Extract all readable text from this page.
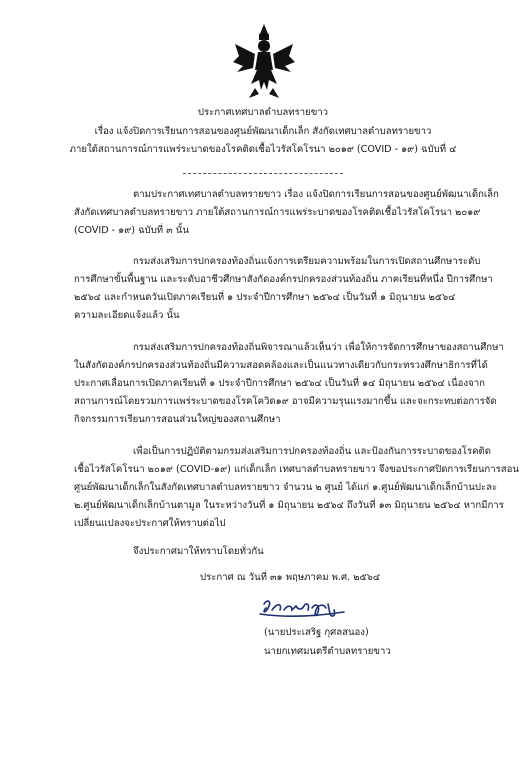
ประกาศเทศบาลตำบลทรายขาว
เรื่อง แจ้งปิดการเรียนการสอนของศูนย์พัฒนาเด็กเล็ก สังกัดเทศบาลตำบลทรายขาว
ภายใต้สถานการณ์การแพร่ระบาดของโรคติดเชื้อไวรัสโคโรนา ๒๐๑๙ (COVID - ๑๙) ฉบับที่ ๔
ตามประกาศเทศบาลตำบลทรายขาว เรื่อง แจ้งปิดการเรียนการสอนของศูนย์พัฒนาเด็กเล็ก
สังกัดเทศบาลตำบลทรายขาว ภายใต้สถานการณ์การแพร่ระบาดของโรคติดเชื้อไวรัสโคโรนา ๒๐๑๙
(COVID - ๑๙) ฉบับที่ ๓ นั้น
กรมส่งเสริมการปกครองท้องถิ่นแจ้งการเตรียมความพร้อมในการเปิดสถานศึกษาระดับ
การศึกษาขั้นพื้นฐาน และระดับอาชีวศึกษาสังกัดองค์กรปกครองส่วนท้องถิ่น ภาคเรียนที่หนึ่ง ปีการศึกษา
๒๕๖๔ และกำหนดวันเปิดภาคเรียนที่ ๑ ประจำปีการศึกษา ๒๕๖๔ เป็นวันที่ ๑ มิถุนายน ๒๕๖๔
ความละเอียดแจ้งแล้ว นั้น
กรมส่งเสริมการปกครองท้องถิ่นพิจารณาแล้วเห็นว่า เพื่อให้การจัดการศึกษาของสถานศึกษา
ในสังกัดองค์กรปกครองส่วนท้องถิ่นมีความสอดคล้องและเป็นแนวทางเดียวกับกระทรวงศึกษาธิการที่ได้
ประกาศเลื่อนการเปิดภาคเรียนที่ ๑ ประจำปีการศึกษา ๒๕๖๔ เป็นวันที่ ๑๔ มิถุนายน ๒๕๖๔ เนื่องจาก
สถานการณ์โดยรวมการแพร่ระบาดของโรคโควิด๑๙ อาจมีความรุนแรงมากขึ้น และจะกระทบต่อการจัด
กิจกรรมการเรียนการสอนส่วนใหญ่ของสถานศึกษา
เพื่อเป็นการปฏิบัติตามกรมส่งเสริมการปกครองท้องถิ่น และป้องกันการระบาดของโรคติด
เชื้อไวรัสโคโรนา ๒๐๑๙ (COVID-๑๙) แก่เด็กเล็ก เทศบาลตำบลทรายขาว จึงขอประกาศปิดการเรียนการสอน
ศูนย์พัฒนาเด็กเล็กในสังกัดเทศบาลตำบลทรายขาว จำนวน ๒ ศูนย์ ได้แก่ ๑.ศูนย์พัฒนาเด็กเล็กบ้านปะละ
๒.ศูนย์พัฒนาเด็กเล็กบ้านตามูล ในระหว่างวันที่ ๑ มิถุนายน ๒๕๖๔ ถึงวันที่ ๑๓ มิถุนายน ๒๕๖๔ หากมีการ
เปลี่ยนแปลงจะประกาศให้ทราบต่อไป
จึงประกาศมาให้ทราบโดยทั่วกัน
ประกาศ ณ วันที่ ๓๑ พฤษภาคม พ.ศ. ๒๕๖๔
(นายประเสริฐ กุศลสนอง)
นายกเทศมนตรีตำบลทรายขาว
